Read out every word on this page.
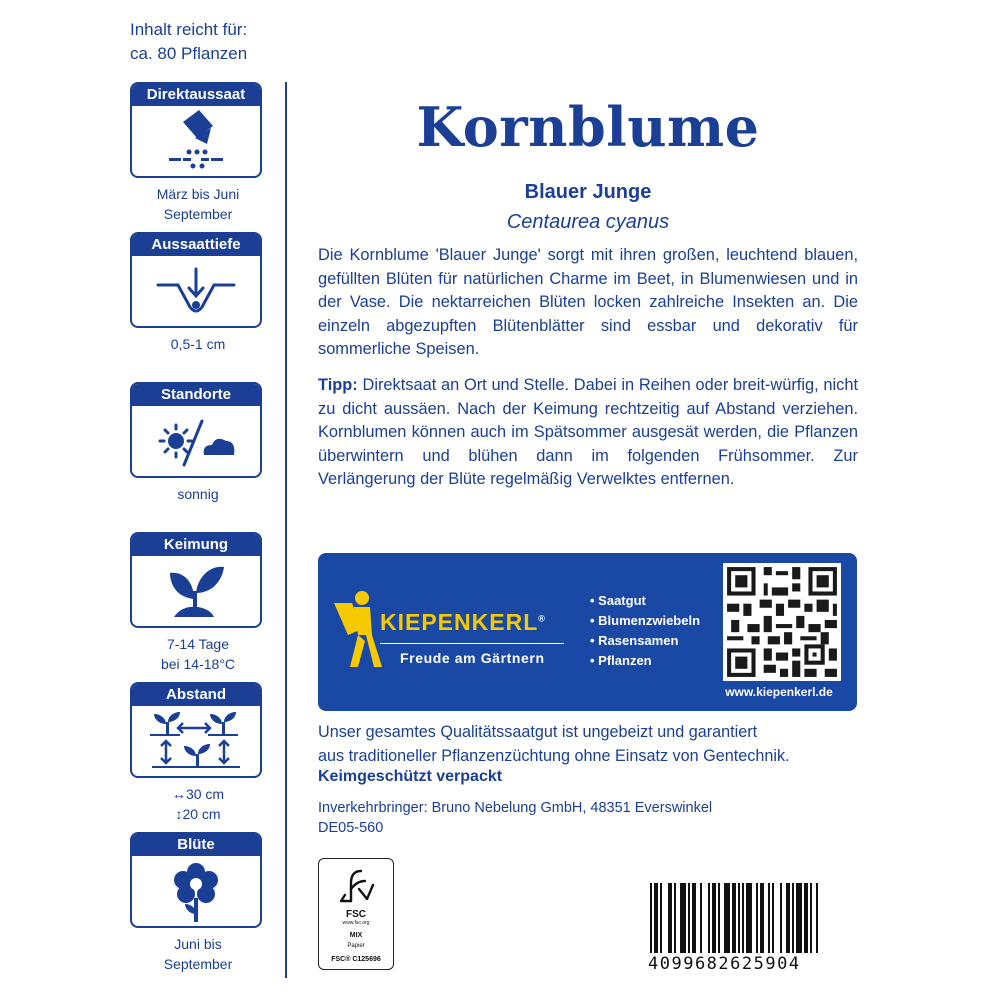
Inhalt reicht für:
ca. 80 Pflanzen
Direktaussaat
März bis Juni
September
Aussaattiefe
0,5-1 cm
Standorte
sonnig
Keimung
7-14 Tage
bei 14-18°C
Abstand
↔30 cm
↕20 cm
Blüte
Juni bis
September
Kornblume
Blauer Junge
Centaurea cyanus
Die Kornblume 'Blauer Junge' sorgt mit ihren großen, leuchtend blauen, gefüllten Blüten für natürlichen Charme im Beet, in Blumenwiesen und in der Vase. Die nektarreichen Blüten locken zahlreiche Insekten an. Die einzeln abgezupften Blütenblätter sind essbar und dekorativ für sommerliche Speisen.
Tipp: Direktsaat an Ort und Stelle. Dabei in Reihen oder breit-würfig, nicht zu dicht aussäen. Nach der Keimung rechtzeitig auf Abstand verziehen. Kornblumen können auch im Spätsommer ausgesät werden, die Pflanzen überwintern und blühen dann im folgenden Frühsommer. Zur Verlängerung der Blüte regelmäßig Verwelktes entfernen.
KIEPENKERL®
Freude am Gärtnern
• Saatgut
• Blumenzwiebeln
• Rasensamen
• Pflanzen
www.kiepenkerl.de
Unser gesamtes Qualitätssaatgut ist ungebeizt und garantiert
aus traditioneller Pflanzenzüchtung ohne Einsatz von Gentechnik.
Keimgeschützt verpackt
Inverkehrbringer: Bruno Nebelung GmbH, 48351 Everswinkel
DE05-560
FSC
www.fsc.org
MIX
Papier
FSC® C125696	4099682625904
